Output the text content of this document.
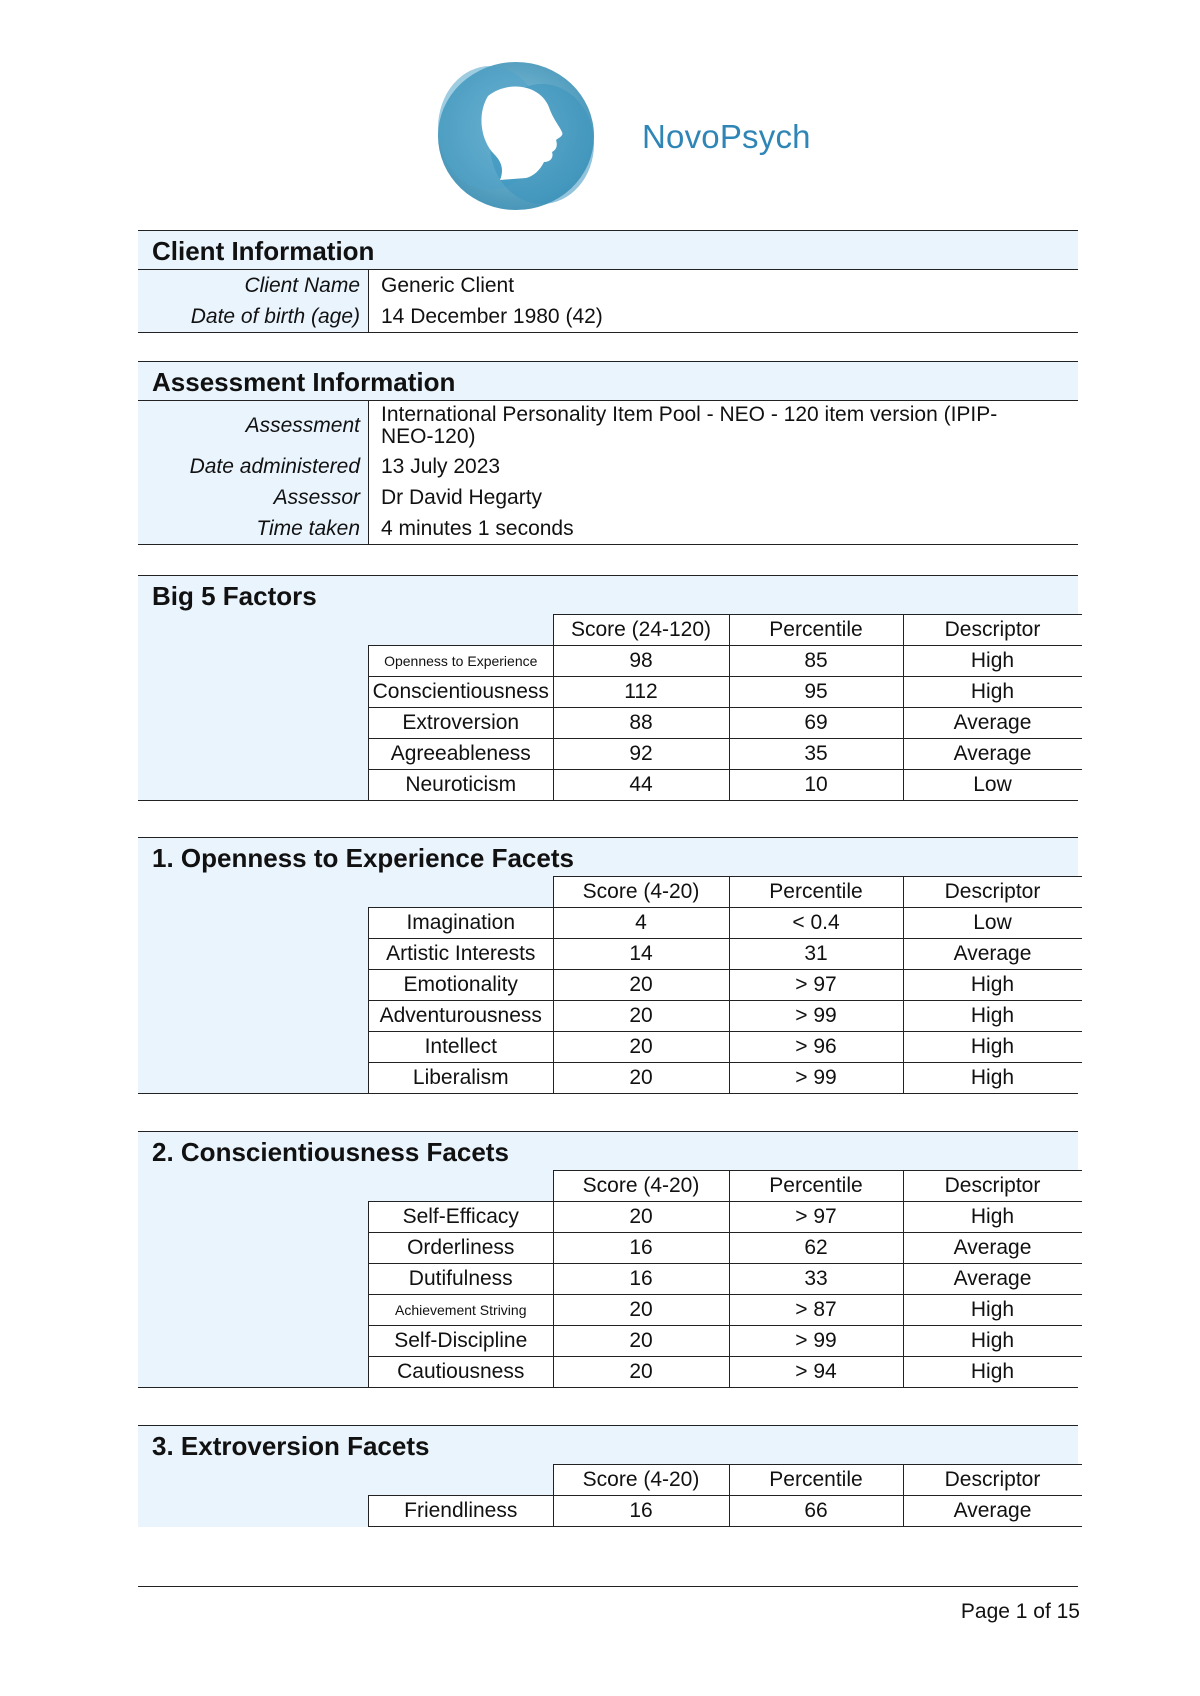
NovoPsych
Client Information
Client Name	Generic Client
Date of birth (age)	14 December 1980 (42)
Assessment Information
Assessment	International Personality Item Pool - NEO - 120 item version (IPIP-NEO-120)
Date administered	13 July 2023
Assessor	Dr David Hegarty
Time taken	4 minutes 1 seconds
Big 5 Factors
	Score (24-120)	Percentile	Descriptor
Openness to Experience	98	85	High
Conscientiousness	112	95	High
Extroversion	88	69	Average
Agreeableness	92	35	Average
Neuroticism	44	10	Low
1. Openness to Experience Facets
	Score (4-20)	Percentile	Descriptor
Imagination	4	< 0.4	Low
Artistic Interests	14	31	Average
Emotionality	20	> 97	High
Adventurousness	20	> 99	High
Intellect	20	> 96	High
Liberalism	20	> 99	High
2. Conscientiousness Facets
	Score (4-20)	Percentile	Descriptor
Self-Efficacy	20	> 97	High
Orderliness	16	62	Average
Dutifulness	16	33	Average
Achievement Striving	20	> 87	High
Self-Discipline	20	> 99	High
Cautiousness	20	> 94	High
3. Extroversion Facets
	Score (4-20)	Percentile	Descriptor
Friendliness	16	66	Average
Page 1 of 15
